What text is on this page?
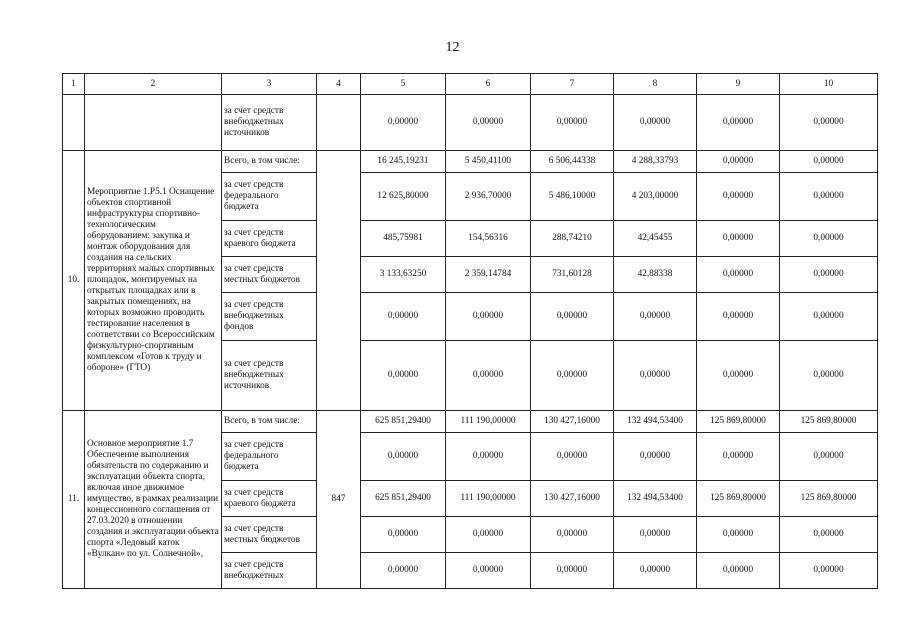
12
1	2	3	4	5	6	7	8	9	10
		за счет средств внебюджетных источников		0,00000	0,00000	0,00000	0,00000	0,00000	0,00000
10.	Мероприятие 1.P5.1 Оснащение объектов спортивной инфраструктуры спортивно-технологическим оборудованием: закупка и монтаж оборудования для создания на сельских территориях малых спортивных площадок, монтируемых на открытых площадках или в закрытых помещениях, на которых возможно проводить тестирование населения в соответствии со Всероссийским физкультурно-спортивным комплексом «Готов к труду и обороне» (ГТО)	Всего, в том числе:		16 245,19231	5 450,41100	6 506,44338	4 288,33793	0,00000	0,00000
		за счет средств федерального бюджета		12 625,80000	2 936,70000	5 486,10000	4 203,00000	0,00000	0,00000
		за счет средств краевого бюджета		485,75981	154,56316	288,74210	42,45455	0,00000	0,00000
		за счет средств местных бюджетов		3 133,63250	2 359,14784	731,60128	42,88338	0,00000	0,00000
		за счет средств внебюджетных фондов		0,00000	0,00000	0,00000	0,00000	0,00000	0,00000
		за счет средств внебюджетных источников		0,00000	0,00000	0,00000	0,00000	0,00000	0,00000
11.	Основное мероприятие 1.7 Обеспечение выполнения обязательств по содержанию и эксплуатации объекта спорта, включая иное движимое имущество, в рамках реализации концессионного соглашения от 27.03.2020 в отношении создания и эксплуатации объекта спорта «Ледовый каток «Вулкан» по ул. Солнечной»,	Всего, в том числе:	847	625 851,29400	111 190,00000	130 427,16000	132 494,53400	125 869,80000	125 869,80000
		за счет средств федерального бюджета		0,00000	0,00000	0,00000	0,00000	0,00000	0,00000
		за счет средств краевого бюджета		625 851,29400	111 190,00000	130 427,16000	132 494,53400	125 869,80000	125 869,80000
		за счет средств местных бюджетов		0,00000	0,00000	0,00000	0,00000	0,00000	0,00000
		за счет средств внебюджетных		0,00000	0,00000	0,00000	0,00000	0,00000	0,00000
